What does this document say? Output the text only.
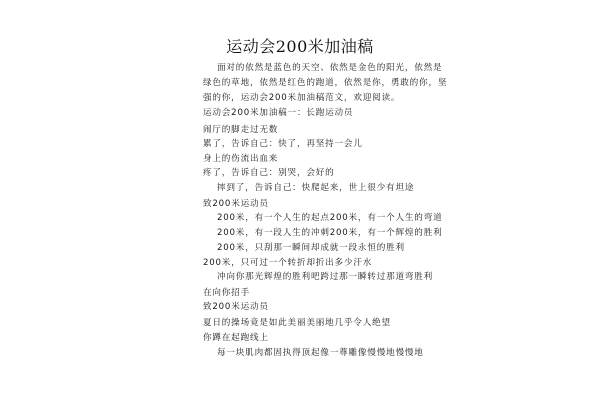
运动会200米加油稿
面对的依然是蓝色的天空、依然是金色的阳光，依然是
绿色的草地，依然是红色的跑道，依然是你，勇敢的你，坚
强的你，运动会200米加油稿范文，欢迎阅读。
运动会200米加油稿一：长跑运动员
闹厅的脚走过无数
累了，告诉自己：快了，再坚持一会儿
身上的伤流出血来
疼了，告诉自己：别哭，会好的
摔到了，告诉自己：快爬起来，世上很少有坦途
致200米运动员
200米，有一个人生的起点200米，有一个人生的弯道
200米，有一段人生的冲刺200米，有一个辉煌的胜利
200米，只刮那一瞬间却成就一段永恒的胜利
200米，只可过一个转折却折出多少汗水
冲向你那光辉煌的胜利吧跨过那一瞬转过那道弯胜利
在向你招手
致200米运动员
夏日的操场竟是如此美丽美丽地几乎令人绝望
你蹲在起跑线上
每一块肌肉都固执得顶起像一尊雕像慢慢地慢慢地
